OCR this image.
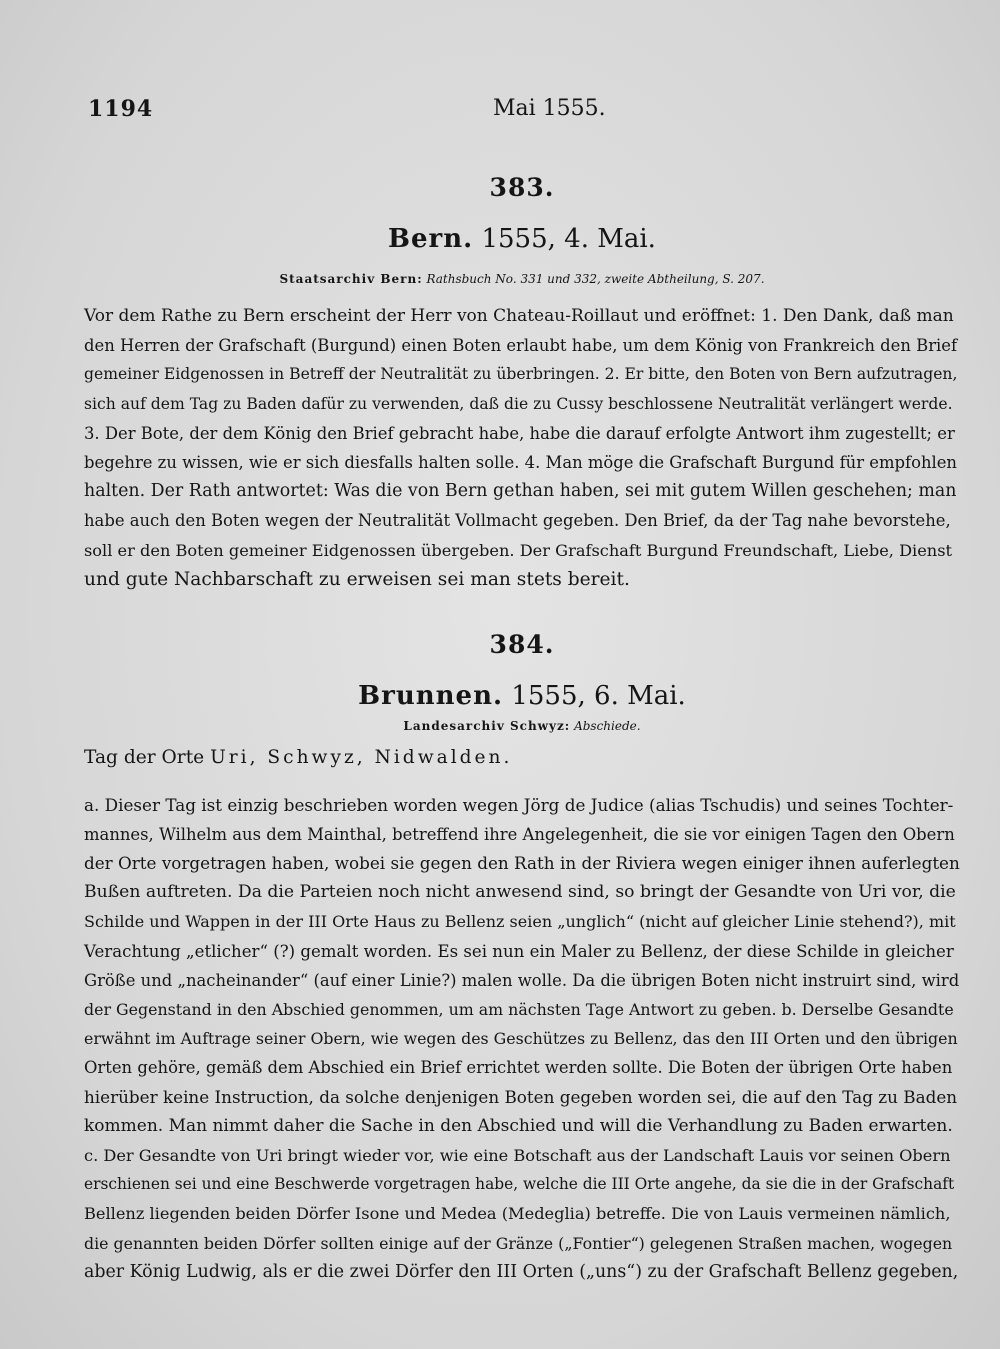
1194	Mai 1555.

383.

Bern. 1555, 4. Mai.

Staatsarchiv Bern: Rathsbuch No. 331 und 332, zweite Abtheilung, S. 207.

Vor dem Rathe zu Bern erscheint der Herr von Chateau-Roillaut und eröffnet: 1. Den Dank, daß man
den Herren der Grafschaft (Burgund) einen Boten erlaubt habe, um dem König von Frankreich den Brief
gemeiner Eidgenossen in Betreff der Neutralität zu überbringen. 2. Er bitte, den Boten von Bern aufzutragen,
sich auf dem Tag zu Baden dafür zu verwenden, daß die zu Cussy beschlossene Neutralität verlängert werde.
3. Der Bote, der dem König den Brief gebracht habe, habe die darauf erfolgte Antwort ihm zugestellt; er
begehre zu wissen, wie er sich diesfalls halten solle. 4. Man möge die Grafschaft Burgund für empfohlen
halten. Der Rath antwortet: Was die von Bern gethan haben, sei mit gutem Willen geschehen; man
habe auch den Boten wegen der Neutralität Vollmacht gegeben. Den Brief, da der Tag nahe bevorstehe,
soll er den Boten gemeiner Eidgenossen übergeben. Der Grafschaft Burgund Freundschaft, Liebe, Dienst
und gute Nachbarschaft zu erweisen sei man stets bereit.

384.

Brunnen. 1555, 6. Mai.

Landesarchiv Schwyz: Abschiede.

Tag der Orte Uri, Schwyz, Nidwalden.

a. Dieser Tag ist einzig beschrieben worden wegen Jörg de Judice (alias Tschudis) und seines Tochter-
mannes, Wilhelm aus dem Mainthal, betreffend ihre Angelegenheit, die sie vor einigen Tagen den Obern
der Orte vorgetragen haben, wobei sie gegen den Rath in der Riviera wegen einiger ihnen auferlegten
Bußen auftreten. Da die Parteien noch nicht anwesend sind, so bringt der Gesandte von Uri vor, die
Schilde und Wappen in der III Orte Haus zu Bellenz seien „unglich“ (nicht auf gleicher Linie stehend?), mit
Verachtung „etlicher“ (?) gemalt worden. Es sei nun ein Maler zu Bellenz, der diese Schilde in gleicher
Größe und „nacheinander“ (auf einer Linie?) malen wolle. Da die übrigen Boten nicht instruirt sind, wird
der Gegenstand in den Abschied genommen, um am nächsten Tage Antwort zu geben. b. Derselbe Gesandte
erwähnt im Auftrage seiner Obern, wie wegen des Geschützes zu Bellenz, das den III Orten und den übrigen
Orten gehöre, gemäß dem Abschied ein Brief errichtet werden sollte. Die Boten der übrigen Orte haben
hierüber keine Instruction, da solche denjenigen Boten gegeben worden sei, die auf den Tag zu Baden
kommen. Man nimmt daher die Sache in den Abschied und will die Verhandlung zu Baden erwarten.
c. Der Gesandte von Uri bringt wieder vor, wie eine Botschaft aus der Landschaft Lauis vor seinen Obern
erschienen sei und eine Beschwerde vorgetragen habe, welche die III Orte angehe, da sie die in der Grafschaft
Bellenz liegenden beiden Dörfer Isone und Medea (Medeglia) betreffe. Die von Lauis vermeinen nämlich,
die genannten beiden Dörfer sollten einige auf der Gränze („Fontier“) gelegenen Straßen machen, wogegen
aber König Ludwig, als er die zwei Dörfer den III Orten („uns“) zu der Grafschaft Bellenz gegeben,
